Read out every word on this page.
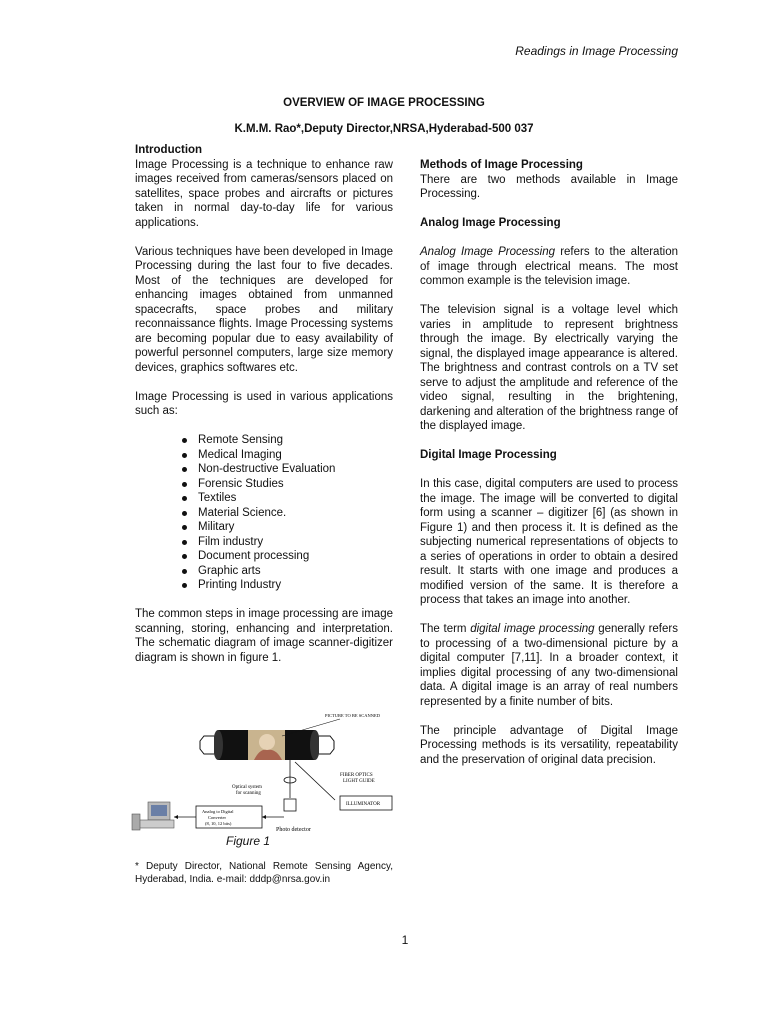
Readings in Image Processing
OVERVIEW OF IMAGE PROCESSING
K.M.M. Rao*,Deputy Director,NRSA,Hyderabad-500 037
Introduction

Image Processing is a technique to enhance raw images received from cameras/sensors placed on satellites, space probes and aircrafts or pictures taken in normal day-to-day life for various applications.

Various techniques have been developed in Image Processing during the last four to five decades. Most of the techniques are developed for enhancing images obtained from unmanned spacecrafts, space probes and military reconnaissance flights. Image Processing systems are becoming popular due to easy availability of powerful personnel computers, large size memory devices, graphics softwares etc.

Image Processing is used in various applications such as:

Remote Sensing
Medical Imaging
Non-destructive Evaluation
Forensic Studies
Textiles
Material Science.
Military
Film industry
Document processing
Graphic arts
Printing Industry

The common steps in image processing are image scanning, storing, enhancing and interpretation. The schematic diagram of image scanner-digitizer diagram is shown in figure 1.

PICTURE TO BE SCANNED
FIBER OPTICS
LIGHT GUIDE
Optical system
for scanning
ILLUMINATOR
Photo detector
Analog to Digital
Converter
(8, 10, 12 bits)
Figure 1
* Deputy Director, National Remote Sensing Agency, Hyderabad, India. e-mail: dddp@nrsa.gov.in
Methods of Image Processing

There are two methods available in Image Processing.

Analog Image Processing

Analog Image Processing refers to the alteration of image through electrical means. The most common example is the television image.

The television signal is a voltage level which varies in amplitude to represent brightness through the image. By electrically varying the signal, the displayed image appearance is altered. The brightness and contrast controls on a TV set serve to adjust the amplitude and reference of the video signal, resulting in the brightening, darkening and alteration of the brightness range of the displayed image.

Digital Image Processing

In this case, digital computers are used to process the image. The image will be converted to digital form using a scanner – digitizer [6] (as shown in Figure 1) and then process it. It is defined as the subjecting numerical representations of objects to a series of operations in order to obtain a desired result. It starts with one image and produces a modified version of the same. It is therefore a process that takes an image into another.

The term digital image processing generally refers to processing of a two-dimensional picture by a digital computer [7,11]. In a broader context, it implies digital processing of any two-dimensional data. A digital image is an array of real numbers represented by a finite number of bits.

The principle advantage of Digital Image Processing methods is its versatility, repeatability and the preservation of original data precision.

1
